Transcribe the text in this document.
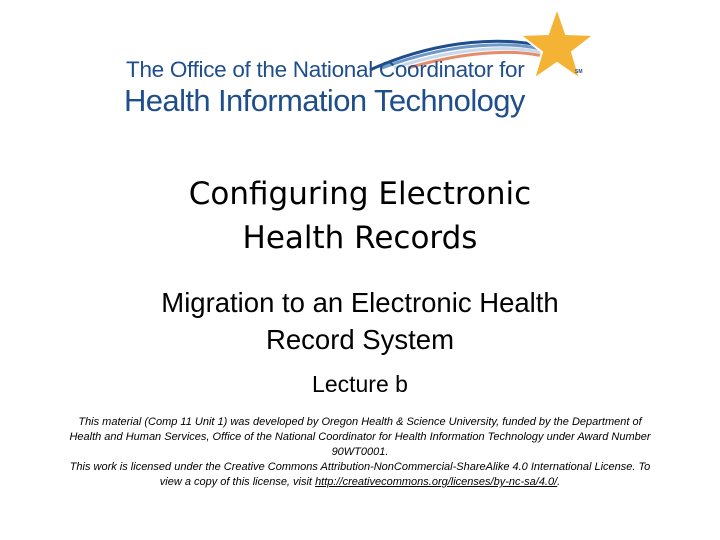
The Office of the National Coordinator for
Health Information Technology
SM
Configuring Electronic
Health Records
Migration to an Electronic Health
Record System
Lecture b
This material (Comp 11 Unit 1) was developed by Oregon Health & Science University, funded by the Department of Health and Human Services, Office of the National Coordinator for Health Information Technology under Award Number 90WT0001.
This work is licensed under the Creative Commons Attribution-NonCommercial-ShareAlike 4.0 International License. To view a copy of this license, visit http://creativecommons.org/licenses/by-nc-sa/4.0/.
